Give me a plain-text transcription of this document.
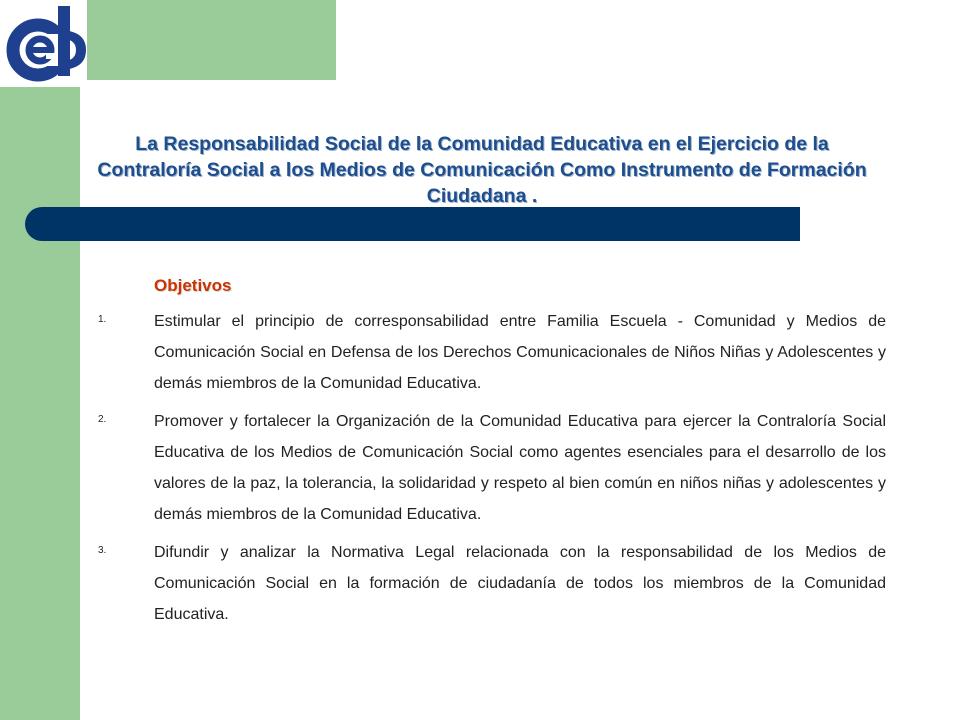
La Responsabilidad Social de la Comunidad Educativa en el Ejercicio de la Contraloría Social a los Medios de Comunicación Como Instrumento de Formación Ciudadana .
Objetivos
1.	Estimular el principio de corresponsabilidad entre Familia Escuela - Comunidad y Medios de Comunicación Social en Defensa de los Derechos Comunicacionales de Niños Niñas y Adolescentes y demás miembros de la Comunidad Educativa.
2.	Promover y fortalecer la Organización de la Comunidad Educativa para ejercer la Contraloría Social Educativa de los Medios de Comunicación Social como agentes esenciales para el desarrollo de los valores de la paz, la tolerancia, la solidaridad y respeto al bien común en niños niñas y adolescentes y demás miembros de la Comunidad Educativa.
3.	Difundir y analizar la Normativa Legal relacionada con la responsabilidad de los Medios de Comunicación Social en la formación de ciudadanía de todos los miembros de la Comunidad Educativa.
